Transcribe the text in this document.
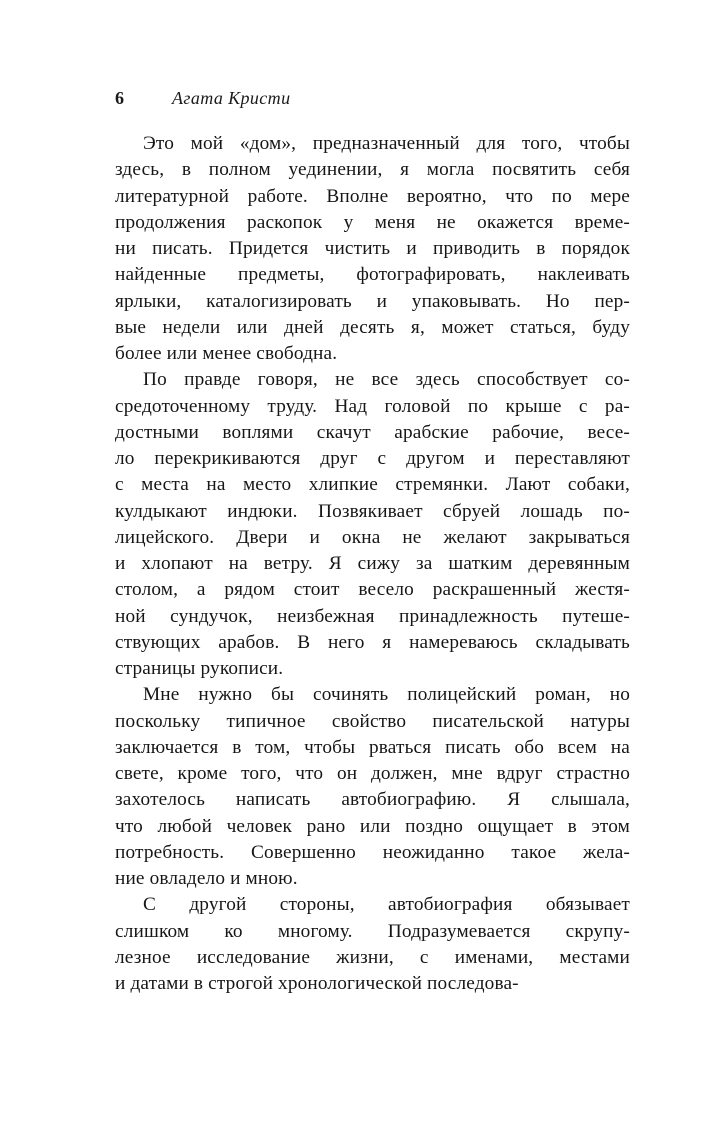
6	Агата Кристи
Это мой «дом», предназначенный для того, чтобы
здесь, в полном уединении, я могла посвятить себя
литературной работе. Вполне вероятно, что по мере
продолжения раскопок у меня не окажется време-
ни писать. Придется чистить и приводить в порядок
найденные предметы, фотографировать, наклеивать
ярлыки, каталогизировать и упаковывать. Но пер-
вые недели или дней десять я, может статься, буду
более или менее свободна.
По правде говоря, не все здесь способствует со-
средоточенному труду. Над головой по крыше с ра-
достными воплями скачут арабские рабочие, весе-
ло перекрикиваются друг с другом и переставляют
с места на место хлипкие стремянки. Лают собаки,
кулдыкают индюки. Позвякивает сбруей лошадь по-
лицейского. Двери и окна не желают закрываться
и хлопают на ветру. Я сижу за шатким деревянным
столом, а рядом стоит весело раскрашенный жестя-
ной сундучок, неизбежная принадлежность путеше-
ствующих арабов. В него я намереваюсь складывать
страницы рукописи.
Мне нужно бы сочинять полицейский роман, но
поскольку типичное свойство писательской натуры
заключается в том, чтобы рваться писать обо всем на
свете, кроме того, что он должен, мне вдруг страстно
захотелось написать автобиографию. Я слышала,
что любой человек рано или поздно ощущает в этом
потребность. Совершенно неожиданно такое жела-
ние овладело и мною.
С другой стороны, автобиография обязывает
слишком ко многому. Подразумевается скрупу-
лезное исследование жизни, с именами, местами
и датами в строгой хронологической последова-
